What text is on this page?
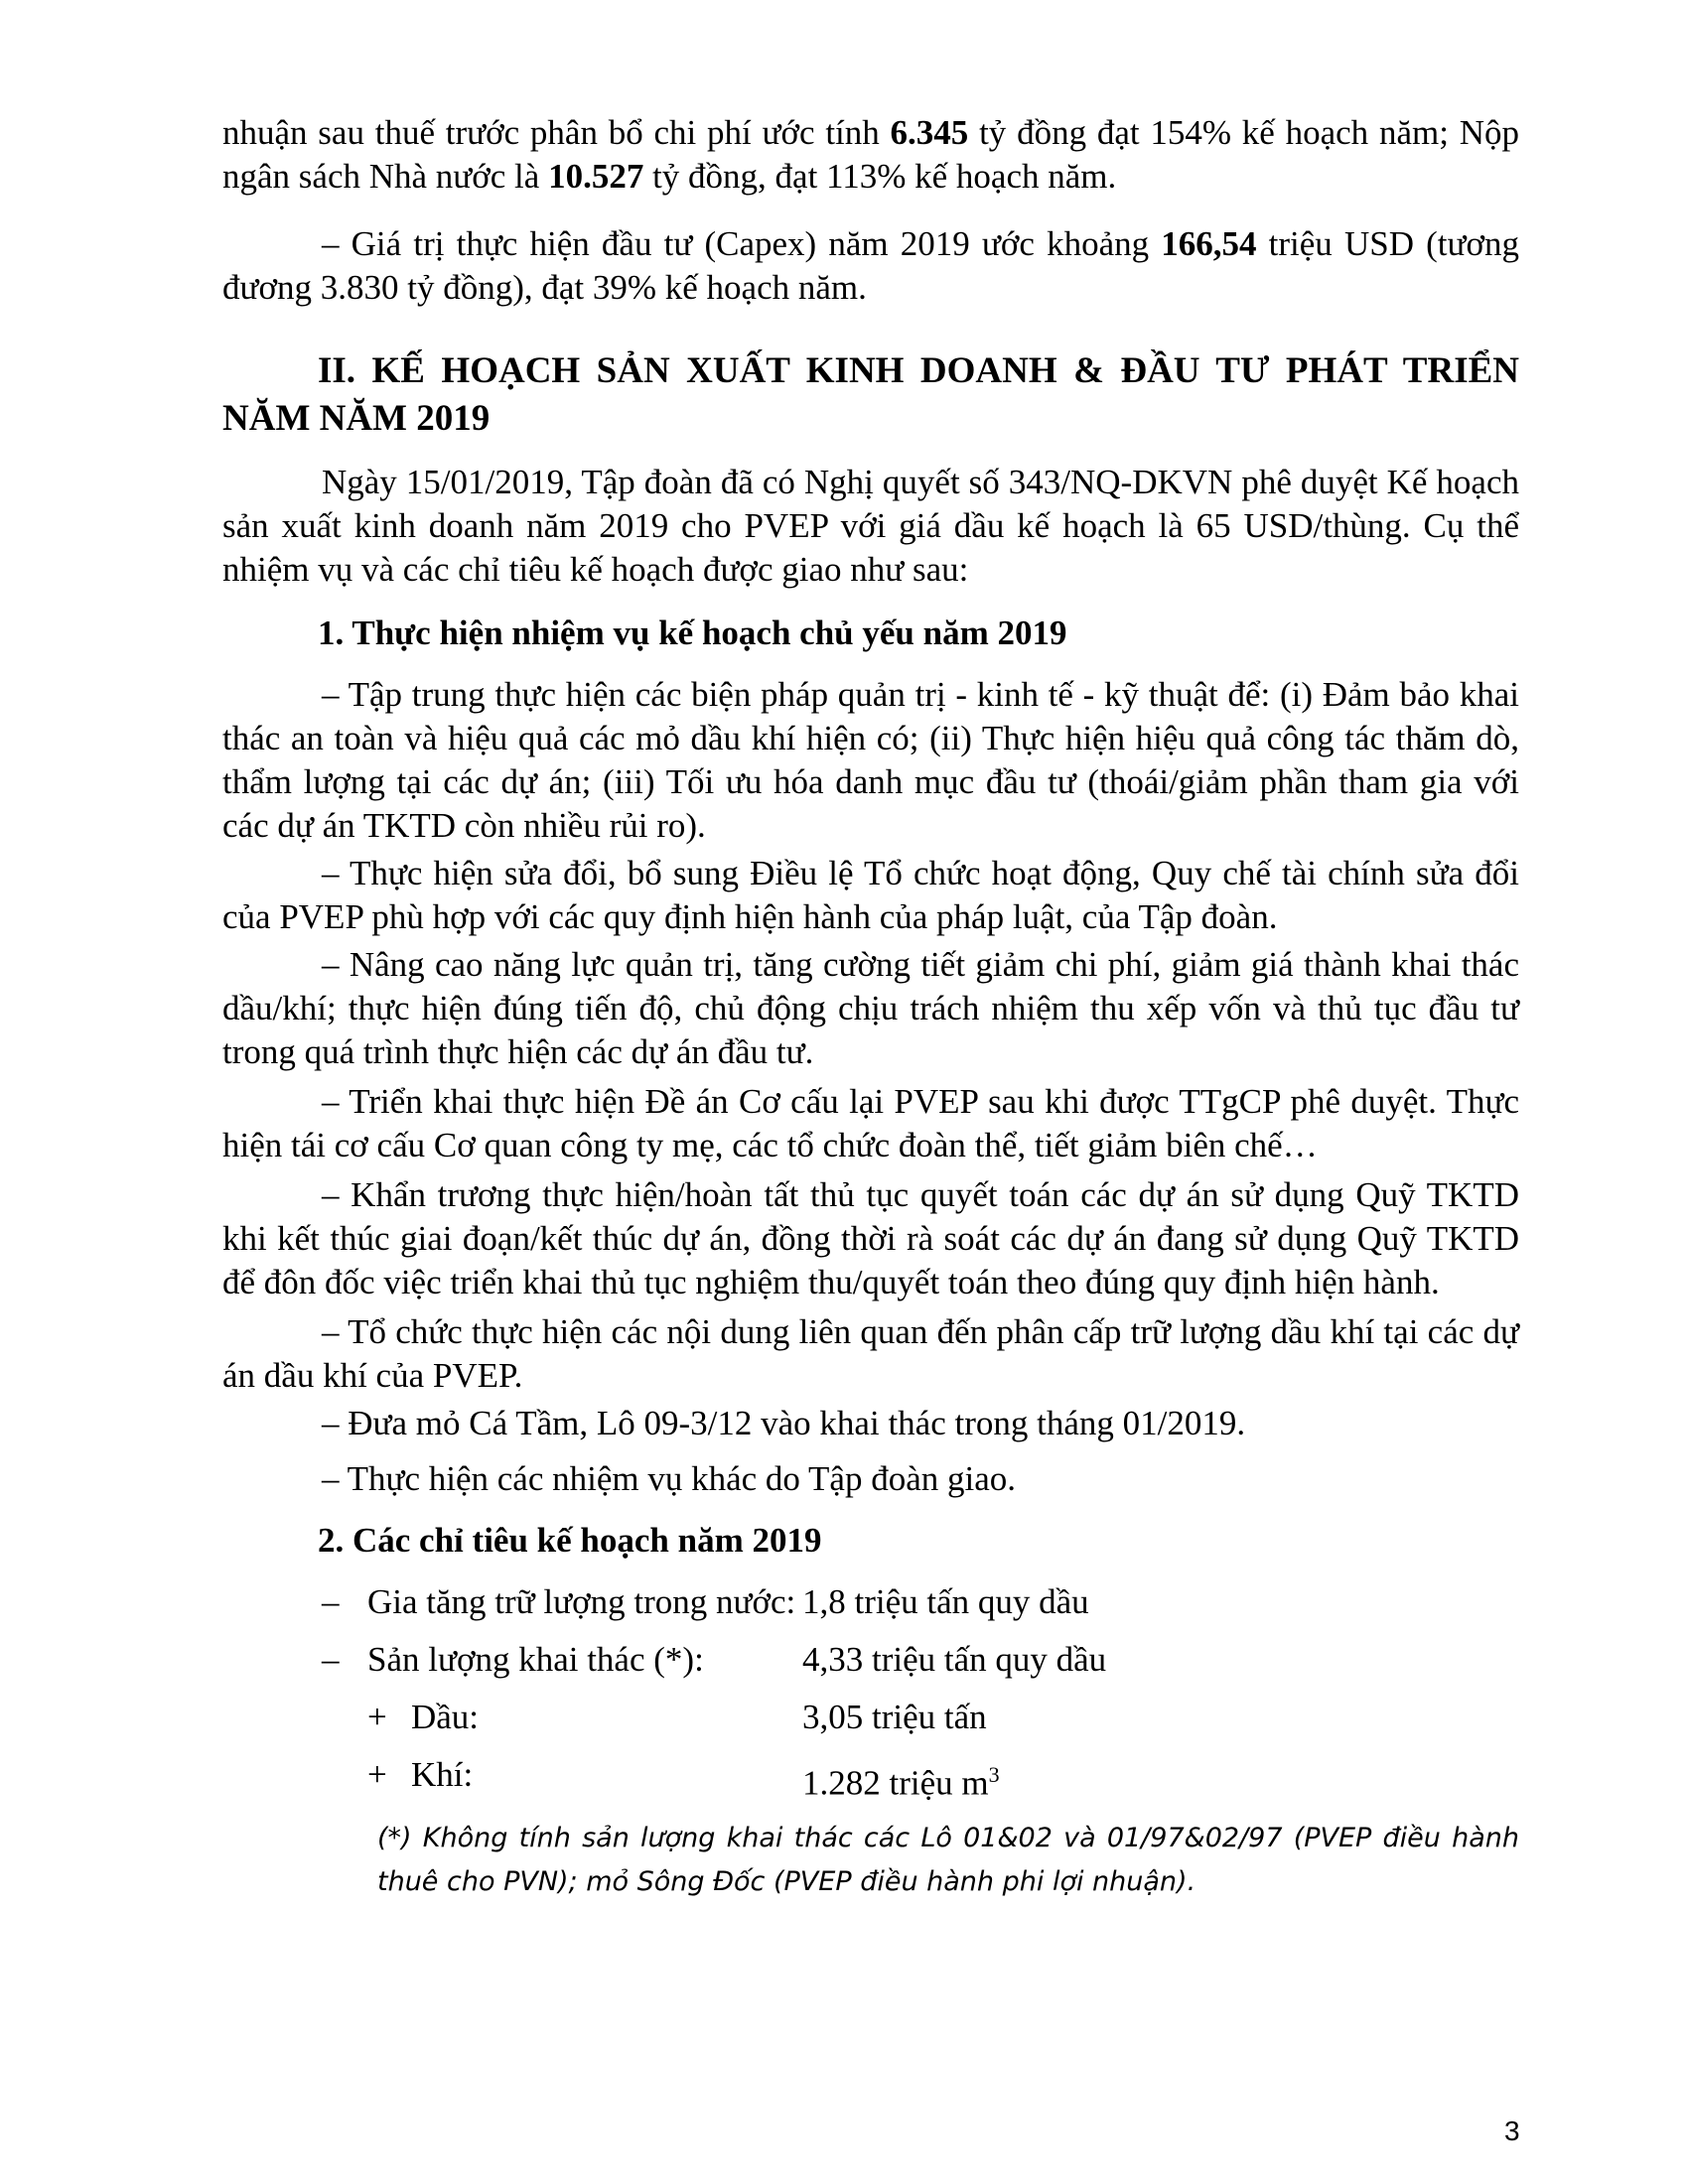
nhuận sau thuế trước phân bổ chi phí ước tính 6.345 tỷ đồng đạt 154% kế hoạch năm; Nộp ngân sách Nhà nước là 10.527 tỷ đồng, đạt 113% kế hoạch năm.

– Giá trị thực hiện đầu tư (Capex) năm 2019 ước khoảng 166,54 triệu USD (tương đương 3.830 tỷ đồng), đạt 39% kế hoạch năm.

II. KẾ HOẠCH SẢN XUẤT KINH DOANH & ĐẦU TƯ PHÁT TRIỂN NĂM NĂM 2019

Ngày 15/01/2019, Tập đoàn đã có Nghị quyết số 343/NQ-DKVN phê duyệt Kế hoạch sản xuất kinh doanh năm 2019 cho PVEP với giá dầu kế hoạch là 65 USD/thùng. Cụ thể nhiệm vụ và các chỉ tiêu kế hoạch được giao như sau:

1. Thực hiện nhiệm vụ kế hoạch chủ yếu năm 2019

– Tập trung thực hiện các biện pháp quản trị - kinh tế - kỹ thuật để: (i) Đảm bảo khai thác an toàn và hiệu quả các mỏ dầu khí hiện có; (ii) Thực hiện hiệu quả công tác thăm dò, thẩm lượng tại các dự án; (iii) Tối ưu hóa danh mục đầu tư (thoái/giảm phần tham gia với các dự án TKTD còn nhiều rủi ro).

– Thực hiện sửa đổi, bổ sung Điều lệ Tổ chức hoạt động, Quy chế tài chính sửa đổi của PVEP phù hợp với các quy định hiện hành của pháp luật, của Tập đoàn.

– Nâng cao năng lực quản trị, tăng cường tiết giảm chi phí, giảm giá thành khai thác dầu/khí; thực hiện đúng tiến độ, chủ động chịu trách nhiệm thu xếp vốn và thủ tục đầu tư trong quá trình thực hiện các dự án đầu tư.

– Triển khai thực hiện Đề án Cơ cấu lại PVEP sau khi được TTgCP phê duyệt. Thực hiện tái cơ cấu Cơ quan công ty mẹ, các tổ chức đoàn thể, tiết giảm biên chế…

– Khẩn trương thực hiện/hoàn tất thủ tục quyết toán các dự án sử dụng Quỹ TKTD khi kết thúc giai đoạn/kết thúc dự án, đồng thời rà soát các dự án đang sử dụng Quỹ TKTD để đôn đốc việc triển khai thủ tục nghiệm thu/quyết toán theo đúng quy định hiện hành.

– Tổ chức thực hiện các nội dung liên quan đến phân cấp trữ lượng dầu khí tại các dự án dầu khí của PVEP.

– Đưa mỏ Cá Tầm, Lô 09-3/12 vào khai thác trong tháng 01/2019.

– Thực hiện các nhiệm vụ khác do Tập đoàn giao.

2. Các chỉ tiêu kế hoạch năm 2019

– Gia tăng trữ lượng trong nước: 1,8 triệu tấn quy dầu
– Sản lượng khai thác (*):	4,33 triệu tấn quy dầu
+ Dầu:	3,05 triệu tấn
+ Khí:	1.282 triệu $m^3$
(*) Không tính sản lượng khai thác các Lô 01&02 và 01/97&02/97 (PVEP điều hành thuê cho PVN); mỏ Sông Đốc (PVEP điều hành phi lợi nhuận).
3
